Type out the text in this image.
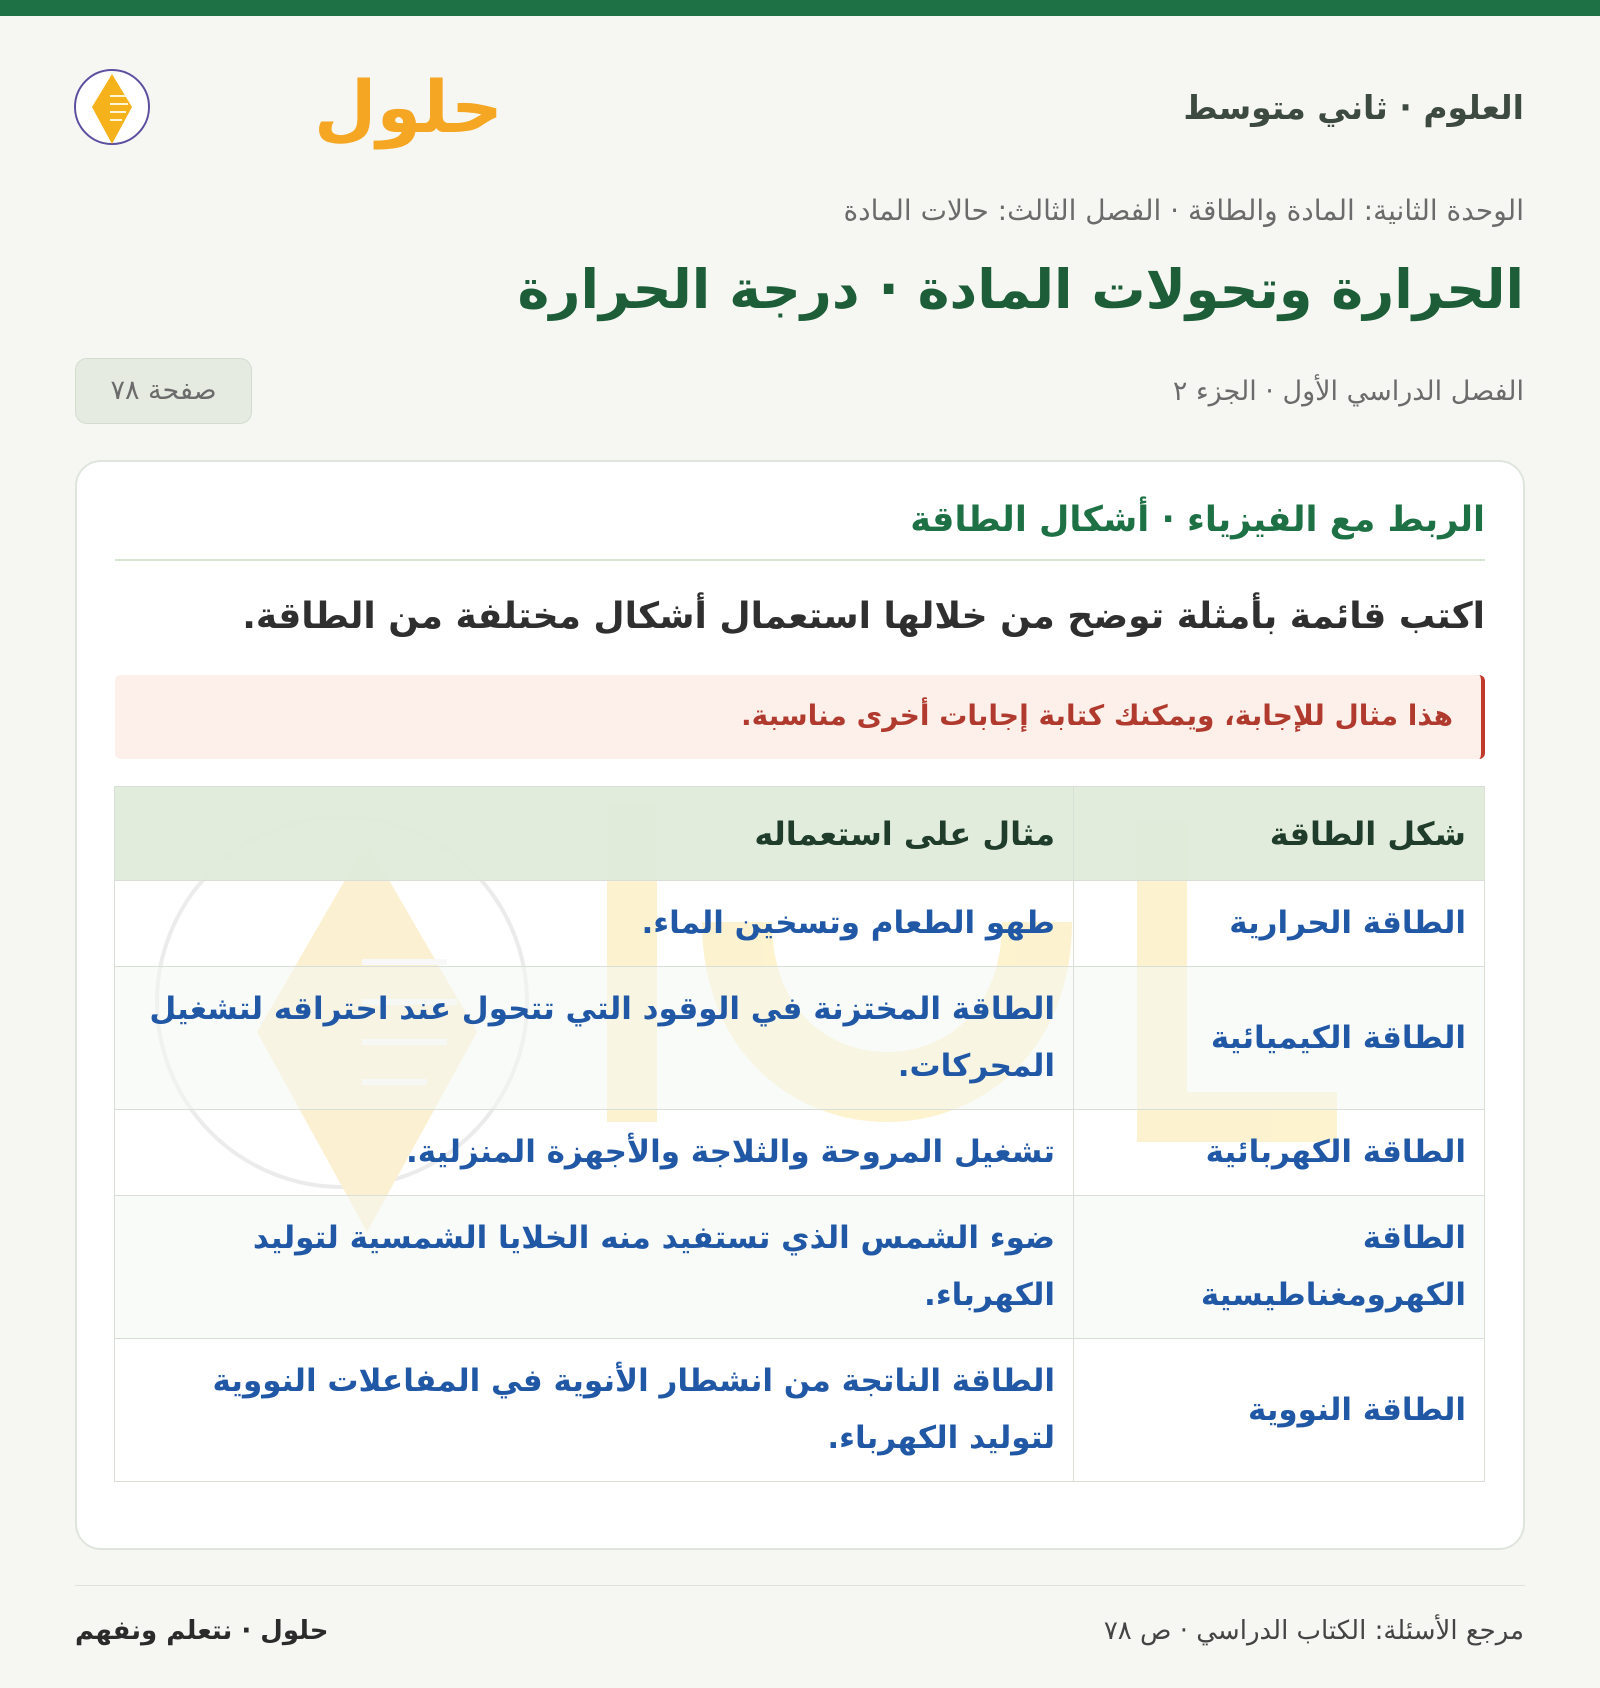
العلوم · ثاني متوسط
حلول
الوحدة الثانية: المادة والطاقة · الفصل الثالث: حالات المادة
الحرارة وتحولات المادة · درجة الحرارة
الفصل الدراسي الأول · الجزء ٢
صفحة ٧٨
الربط مع الفيزياء · أشكال الطاقة
اكتب قائمة بأمثلة توضح من خلالها استعمال أشكال مختلفة من الطاقة.
هذا مثال للإجابة، ويمكنك كتابة إجابات أخرى مناسبة.
شكل الطاقة	مثال على استعماله
الطاقة الحرارية	طهو الطعام وتسخين الماء.
الطاقة الكيميائية	الطاقة المختزنة في الوقود التي تتحول عند احتراقه لتشغيل المحركات.
الطاقة الكهربائية	تشغيل المروحة والثلاجة والأجهزة المنزلية.
الطاقة الكهرومغناطيسية	ضوء الشمس الذي تستفيد منه الخلايا الشمسية لتوليد الكهرباء.
الطاقة النووية	الطاقة الناتجة من انشطار الأنوية في المفاعلات النووية لتوليد الكهرباء.
مرجع الأسئلة: الكتاب الدراسي · ص ٧٨
حلول · نتعلم ونفهم
